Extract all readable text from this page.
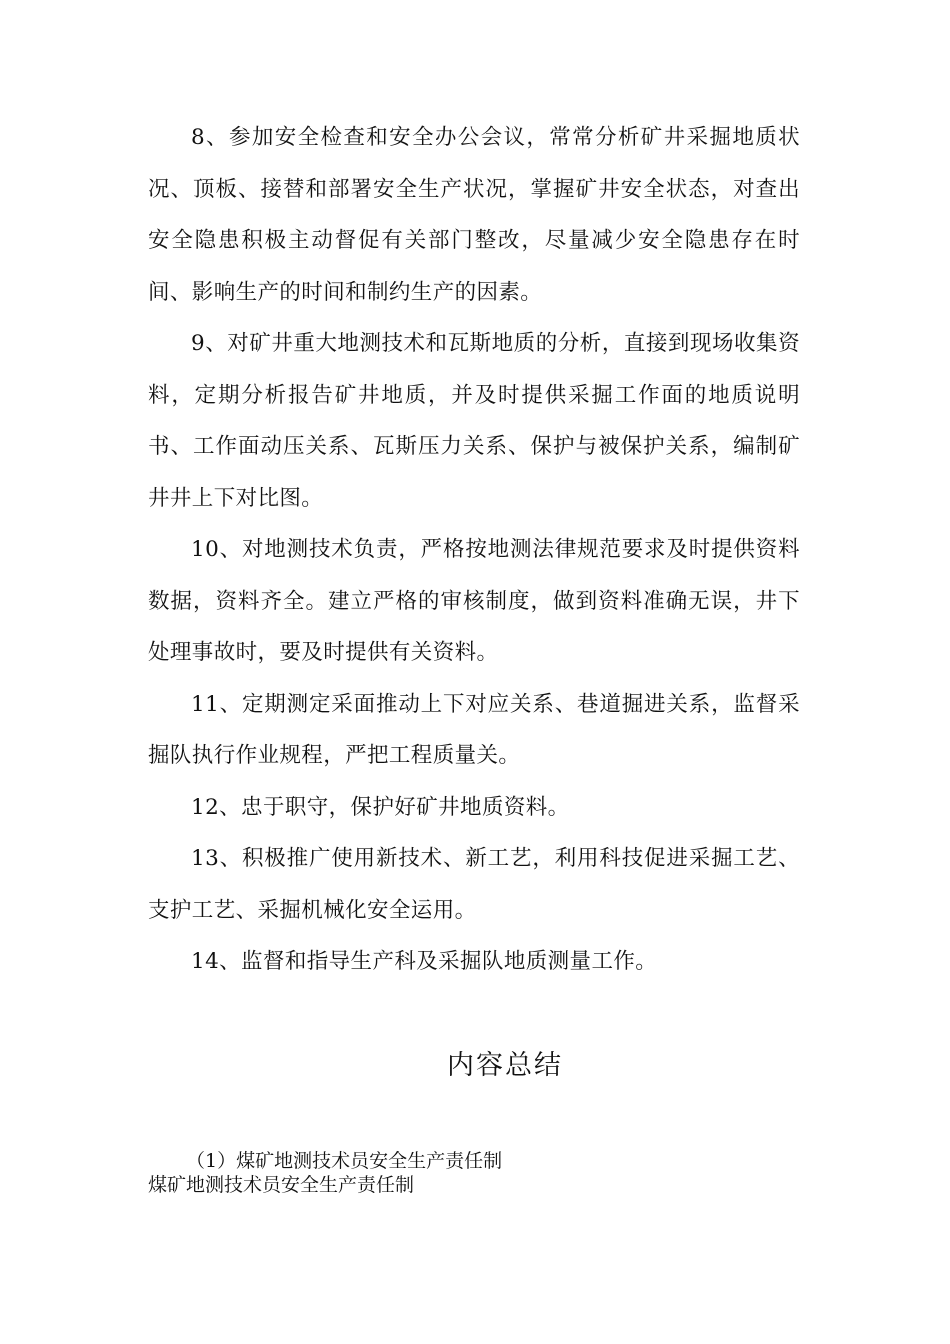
8、参加安全检查和安全办公会议，常常分析矿井采掘地质状况、顶板、接替和部署安全生产状况，掌握矿井安全状态，对查出安全隐患积极主动督促有关部门整改，尽量减少安全隐患存在时间、影响生产的时间和制约生产的因素。

9、对矿井重大地测技术和瓦斯地质的分析，直接到现场收集资料，定期分析报告矿井地质，并及时提供采掘工作面的地质说明书、工作面动压关系、瓦斯压力关系、保护与被保护关系，编制矿井井上下对比图。

10、对地测技术负责，严格按地测法律规范要求及时提供资料数据，资料齐全。建立严格的审核制度，做到资料准确无误，井下处理事故时，要及时提供有关资料。

11、定期测定采面推动上下对应关系、巷道掘进关系，监督采掘队执行作业规程，严把工程质量关。

12、忠于职守，保护好矿井地质资料。

13、积极推广使用新技术、新工艺，利用科技促进采掘工艺、支护工艺、采掘机械化安全运用。

14、监督和指导生产科及采掘队地质测量工作。

内容总结
（1）煤矿地测技术员安全生产责任制
煤矿地测技术员安全生产责任制
